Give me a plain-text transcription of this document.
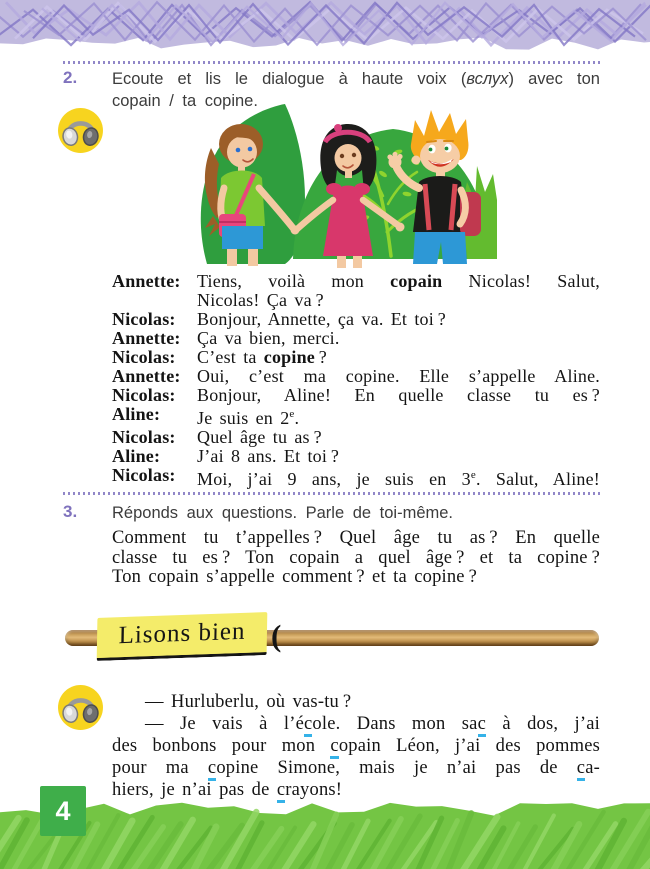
2. Ecoute et lis le dialogue à haute voix (вслух) avec ton
copain / ta copine.
Annette: Tiens, voilà mon copain Nicolas! Salut,
Nicolas! Ça va ?
Nicolas: Bonjour, Annette, ça va. Et toi ?
Annette: Ça va bien, merci.
Nicolas: C’est ta copine ?
Annette: Oui, c’est ma copine. Elle s’appelle Aline.
Nicolas: Bonjour, Aline! En quelle classe tu es ?
Aline: Je suis en 2e.
Nicolas: Quel âge tu as ?
Aline: J’ai 8 ans. Et toi ?
Nicolas: Moi, j’ai 9 ans, je suis en 3e. Salut, Aline!
3. Réponds aux questions. Parle de toi-même.
Comment tu t’appelles ? Quel âge tu as ? En quelle
classe tu es ? Ton copain a quel âge ? et ta copine ?
Ton copain s’appelle comment ? et ta copine ?
Lisons bien (
— Hurluberlu, où vas-tu ?
— Je vais à l’école. Dans mon sac à dos, j’ai
des bonbons pour mon copain Léon, j’ai des pommes
pour ma copine Simone, mais je n’ai pas de ca-
hiers, je n’ai pas de crayons!
4
